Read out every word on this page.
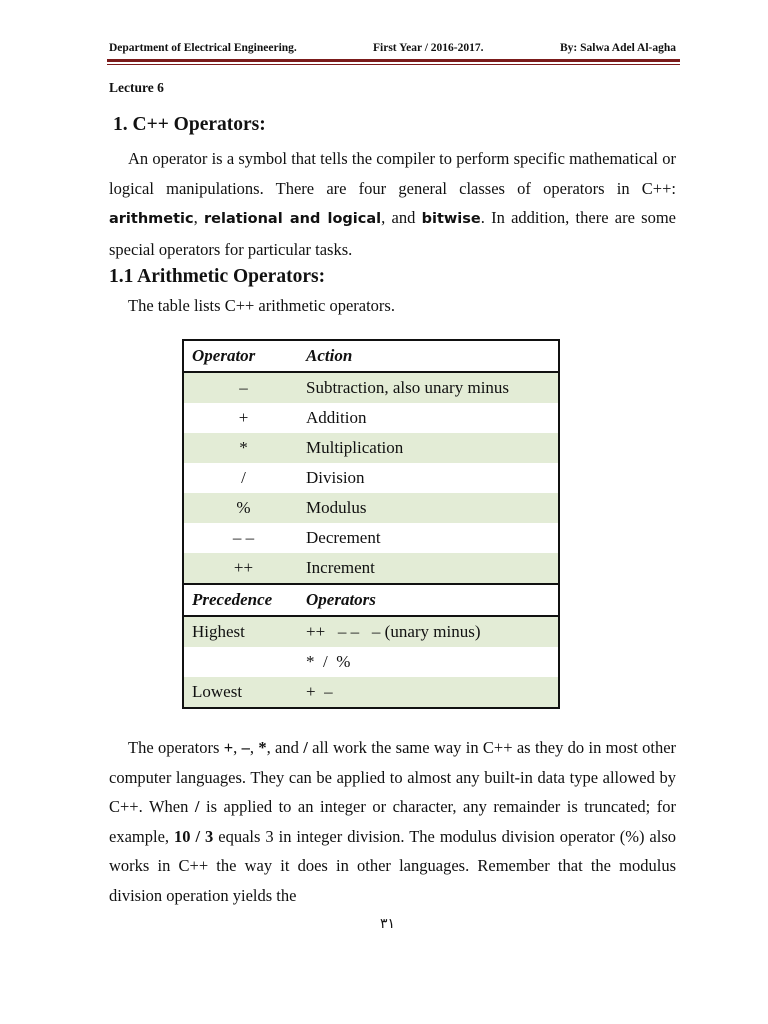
Department of Electrical Engineering.	First Year / 2016-2017.	By: Salwa Adel Al-agha
Lecture 6
1. C++ Operators:

An operator is a symbol that tells the compiler to perform specific mathematical or logical manipulations. There are four general classes of operators in C++: arithmetic, relational and logical, and bitwise. In addition, there are some special operators for particular tasks.

1.1 Arithmetic Operators:
The table lists C++ arithmetic operators.
Operator	Action
–	Subtraction, also unary minus
+	Addition
*	Multiplication
/	Division
%	Modulus
– –	Decrement
++	Increment
Precedence	Operators
Highest	++   – –   – (unary minus)
	*  /  %
Lowest	+  –

The operators +, –, *, and / all work the same way in C++ as they do in most other computer languages. They can be applied to almost any built-in data type allowed by C++. When / is applied to an integer or character, any remainder is truncated; for example, 10 / 3 equals 3 in integer division. The modulus division operator (%) also works in C++ the way it does in other languages. Remember that the modulus division operation yields the

٣١
